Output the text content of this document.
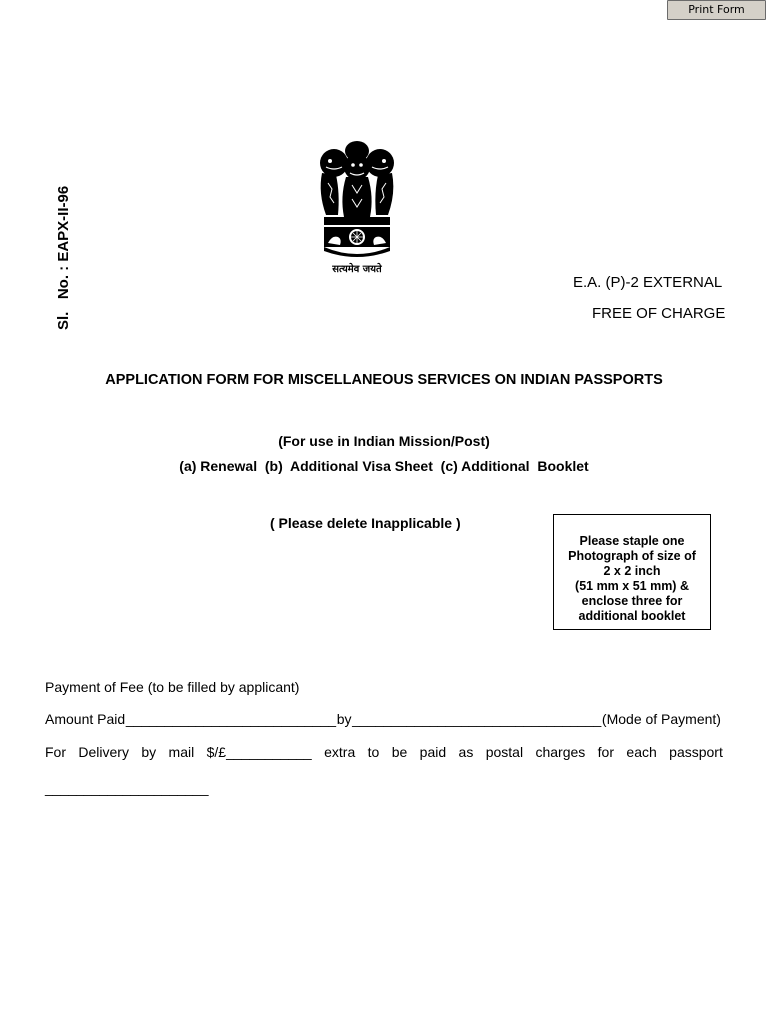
Print Form
Sl.   No. : EAPX-II-96	सत्यमेव जयते
E.A. (P)-2 EXTERNAL
FREE OF CHARGE
APPLICATION FORM FOR MISCELLANEOUS SERVICES ON INDIAN PASSPORTS
(For use in Indian Mission/Post)
(a) Renewal  (b)  Additional Visa Sheet  (c) Additional  Booklet
( Please delete Inapplicable )
Please staple one
Photograph of size of
2 x 2 inch
(51 mm x 51 mm) &
enclose three for
additional booklet
Payment of Fee (to be filled by applicant)
Amount Paid ___________________________ by ________________________________ (Mode of Payment)
For Delivery by mail $/£___________ extra to be paid as postal charges for each passport
_____________________
